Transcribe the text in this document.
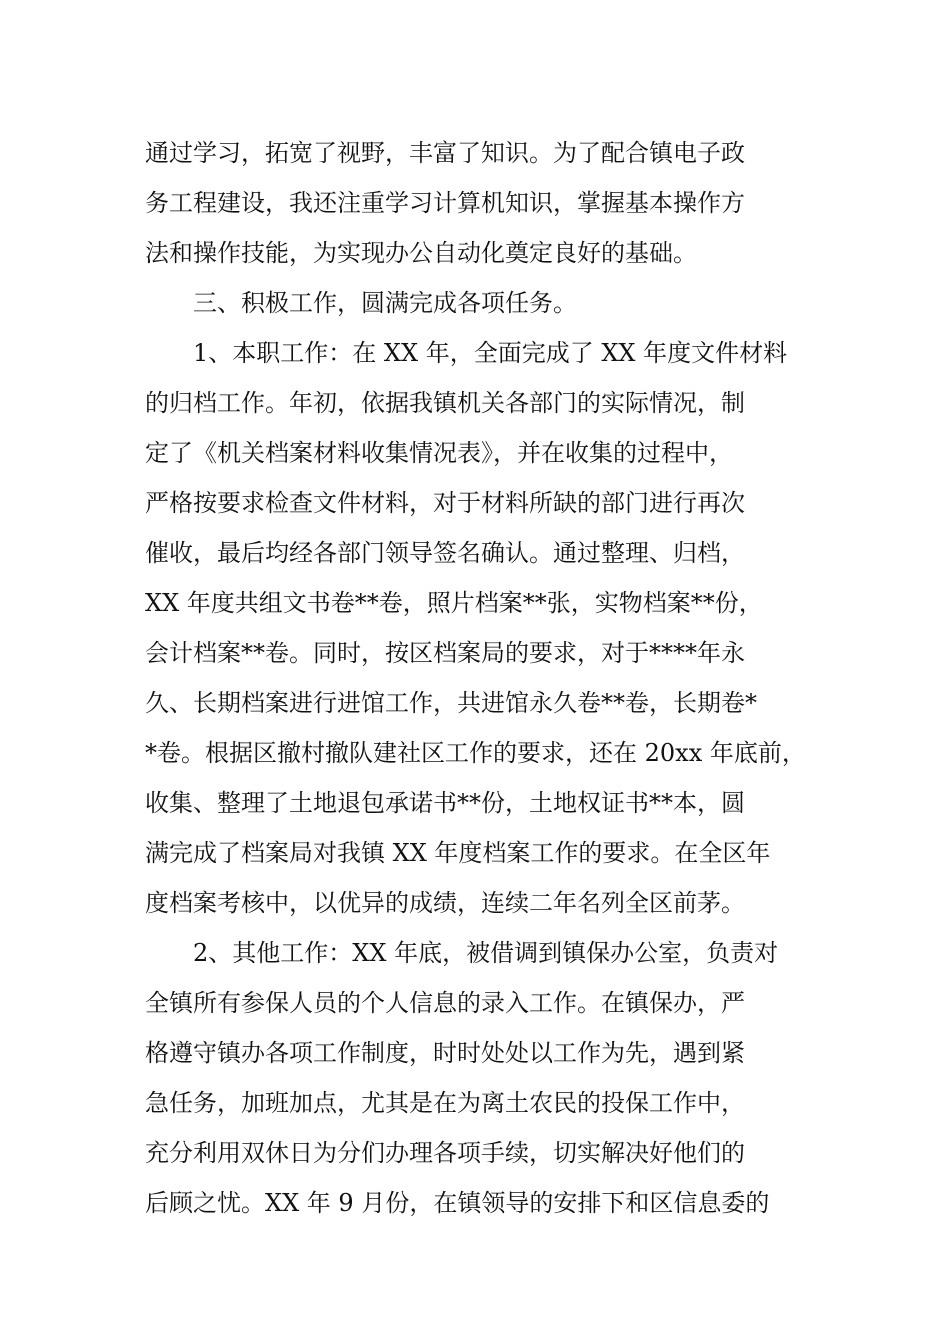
通过学习，拓宽了视野，丰富了知识。为了配合镇电子政
务工程建设，我还注重学习计算机知识，掌握基本操作方
法和操作技能，为实现办公自动化奠定良好的基础。
三、积极工作，圆满完成各项任务。
1、本职工作：在 XX 年，全面完成了 XX 年度文件材料
的归档工作。年初，依据我镇机关各部门的实际情况，制
定了《机关档案材料收集情况表》，并在收集的过程中，
严格按要求检查文件材料，对于材料所缺的部门进行再次
催收，最后均经各部门领导签名确认。通过整理、归档，
XX 年度共组文书卷**卷，照片档案**张，实物档案**份，
会计档案**卷。同时，按区档案局的要求，对于****年永
久、长期档案进行进馆工作，共进馆永久卷**卷，长期卷*
*卷。根据区撤村撤队建社区工作的要求，还在 20xx 年底前，
收集、整理了土地退包承诺书**份，土地权证书**本，圆
满完成了档案局对我镇 XX 年度档案工作的要求。在全区年
度档案考核中，以优异的成绩，连续二年名列全区前茅。
2、其他工作：XX 年底，被借调到镇保办公室，负责对
全镇所有参保人员的个人信息的录入工作。在镇保办，严
格遵守镇办各项工作制度，时时处处以工作为先，遇到紧
急任务，加班加点，尤其是在为离土农民的投保工作中，
充分利用双休日为分们办理各项手续，切实解决好他们的
后顾之忧。XX 年 9 月份，在镇领导的安排下和区信息委的
